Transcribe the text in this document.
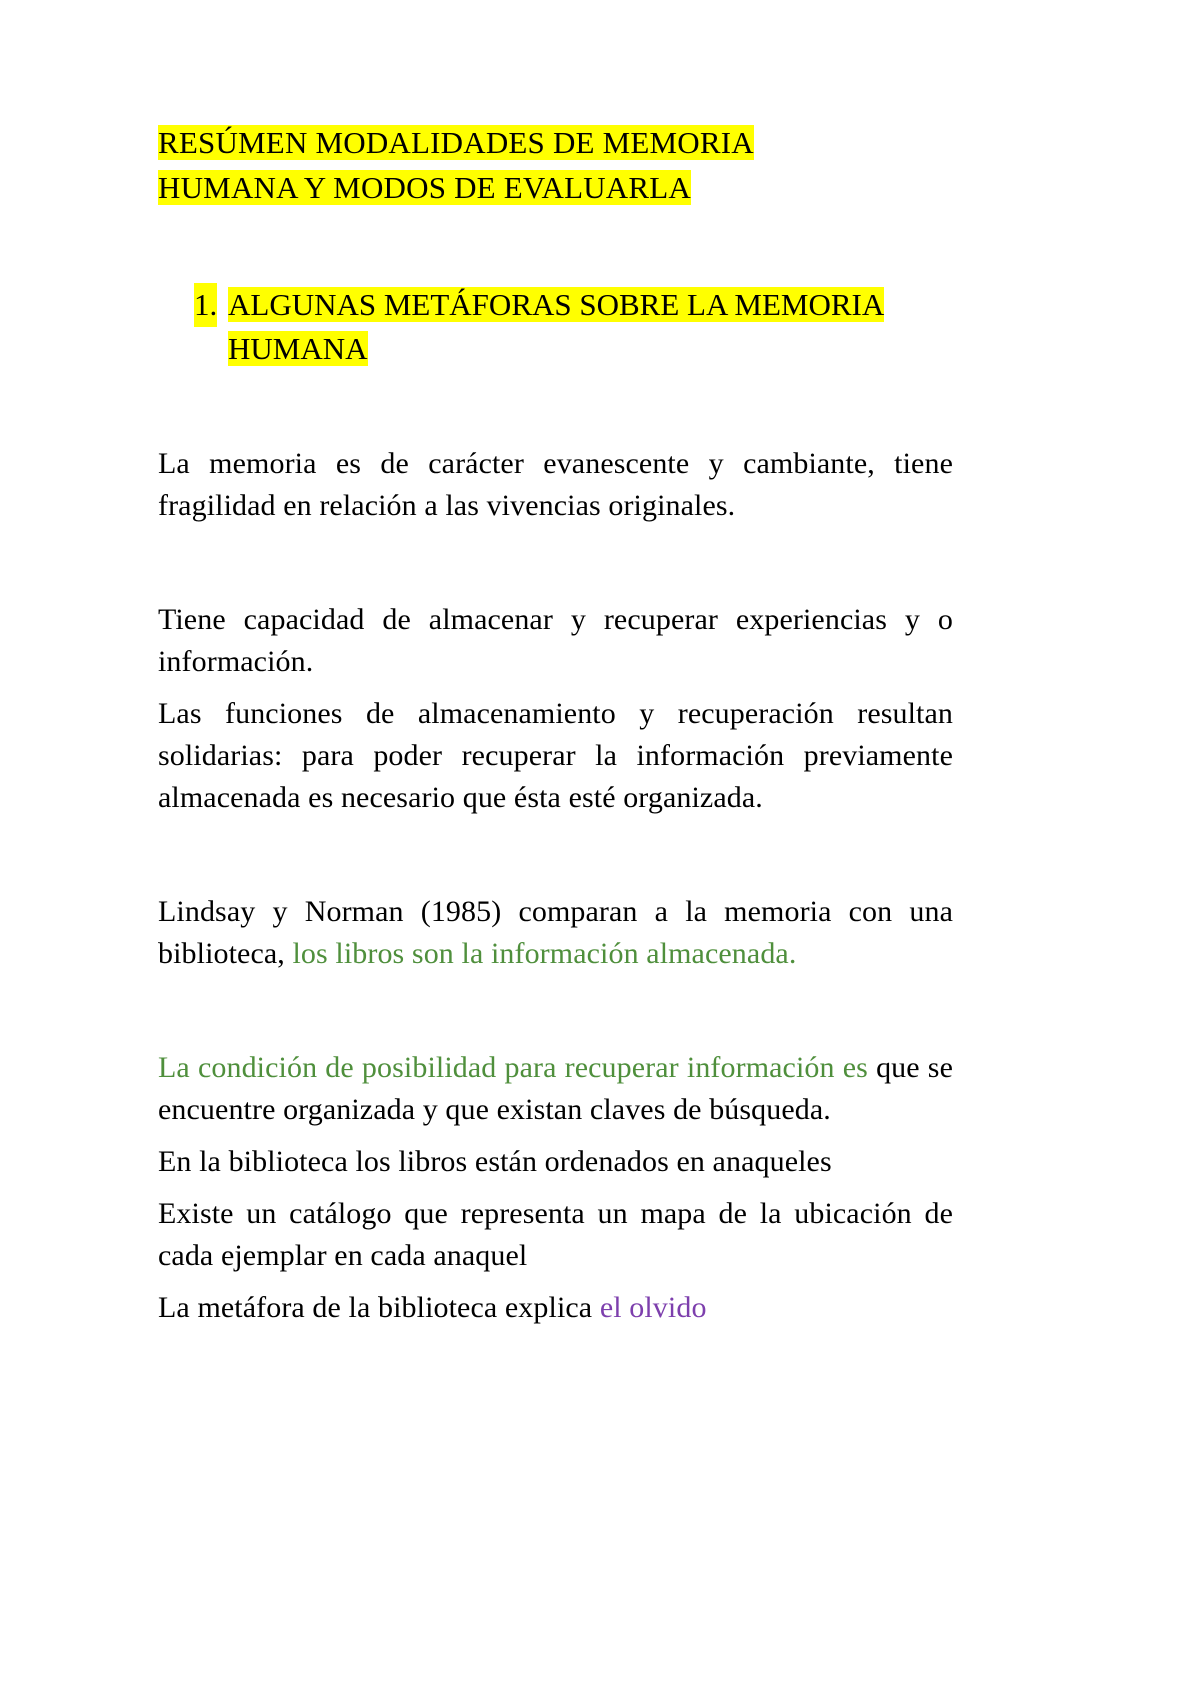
RESÚMEN MODALIDADES DE MEMORIA
HUMANA Y MODOS DE EVALUARLA
1. ALGUNAS METÁFORAS SOBRE LA MEMORIA
HUMANA

La memoria es de carácter evanescente y cambiante, tiene fragilidad en relación a las vivencias originales.

Tiene capacidad de almacenar y recuperar experiencias y o información.

Las funciones de almacenamiento y recuperación resultan solidarias: para poder recuperar la información previamente almacenada es necesario que ésta esté organizada.

Lindsay y Norman (1985) comparan a la memoria con una biblioteca, los libros son la información almacenada.

La condición de posibilidad para recuperar información es que se encuentre organizada y que existan claves de búsqueda.

En la biblioteca los libros están ordenados en anaqueles

Existe un catálogo que representa un mapa de la ubicación de cada ejemplar en cada anaquel

La metáfora de la biblioteca explica el olvido
